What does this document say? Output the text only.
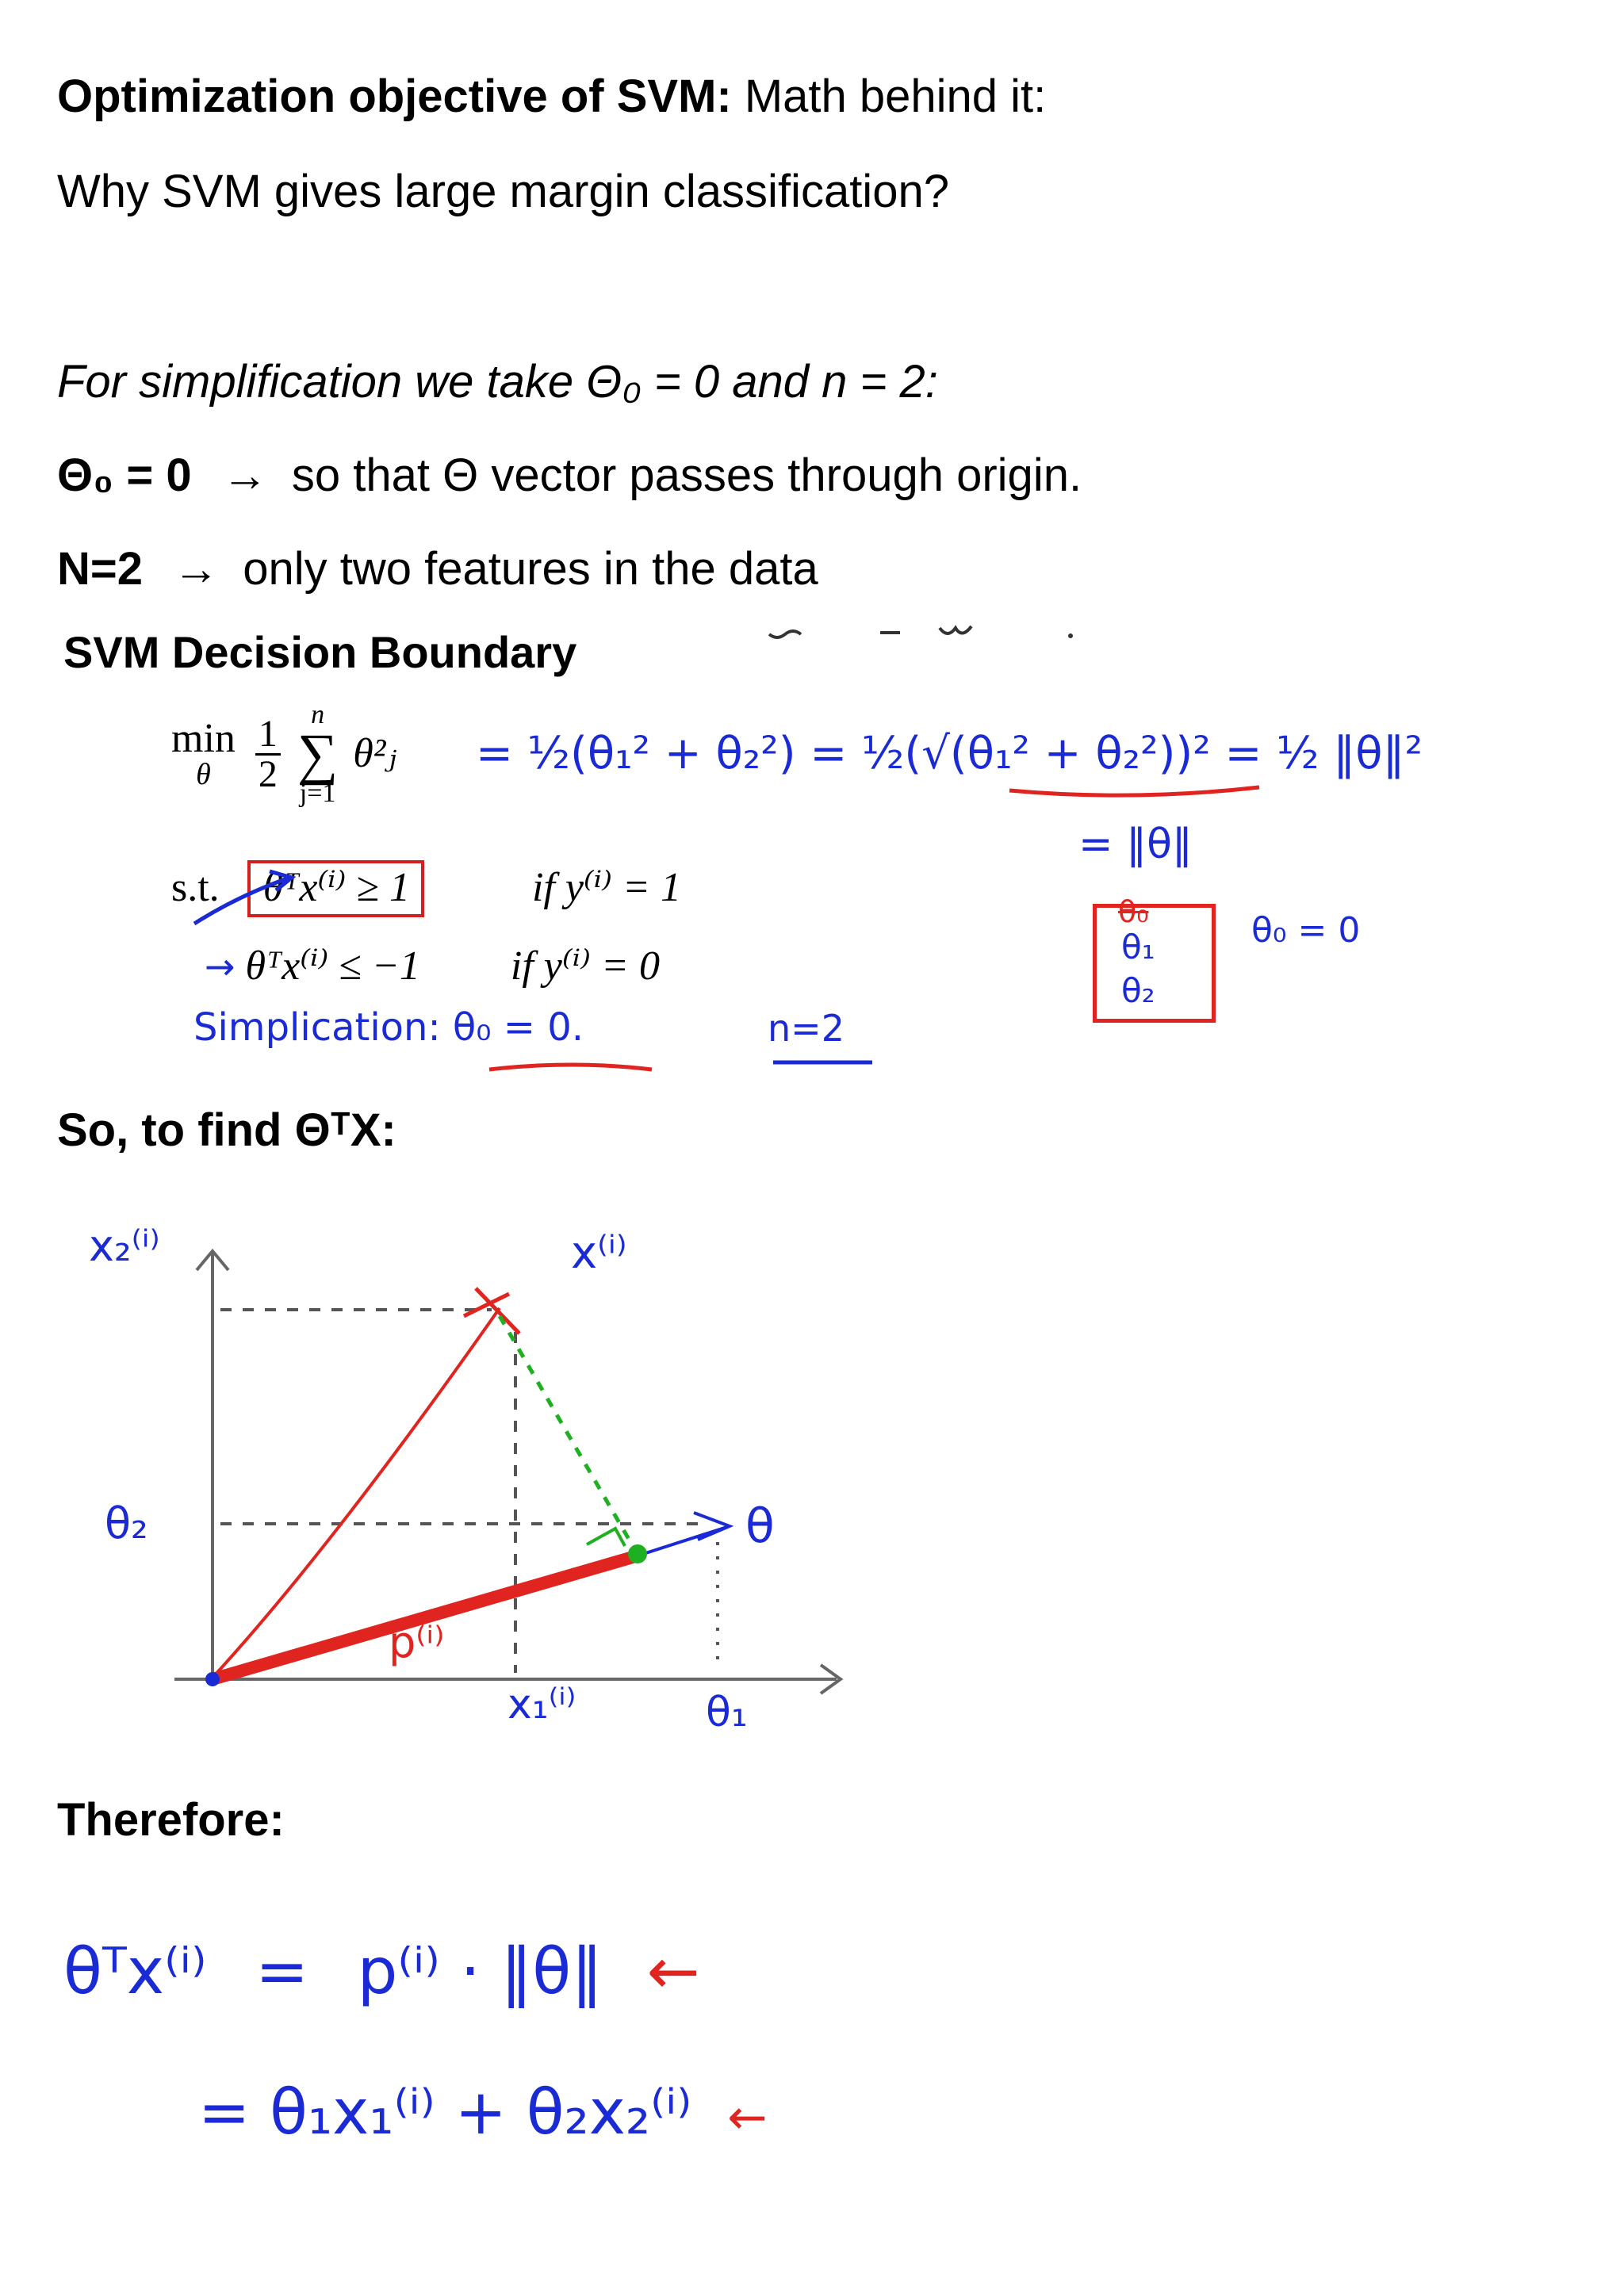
Optimization objective of SVM: Math behind it:
Why SVM gives large margin classification?
For simplification we take Θ₀ = 0 and n = 2:
Θ₀ = 0 → so that Θ vector passes through origin.
N=2 → only two features in the data
SVM Decision Boundary
min
θ
$\frac{1}{2}$

n
∑
j=1
θ²ⱼ = ½(θ₁² + θ₂²) = ½(√(θ₁² + θ₂²))² = ½ ‖θ‖²
= ‖θ‖
s.t. θᵀx⁽ⁱ⁾ ≥ 1	if y⁽ⁱ⁾ = 1
→ θᵀx⁽ⁱ⁾ ≤ −1 if y⁽ⁱ⁾ = 0
Simplication: θ₀ = 0.	n=2
θ₀
θ₁
θ₂
θ₀ = 0
So, to find ΘᵀX:
x₂⁽ⁱ⁾
θ₂
x⁽ⁱ⁾
θ
p⁽ⁱ⁾
x₁⁽ⁱ⁾	θ₁
Therefore:
θᵀx⁽ⁱ⁾ = p⁽ⁱ⁾ · ‖θ‖ ←
= θ₁x₁⁽ⁱ⁾ + θ₂x₂⁽ⁱ⁾ ←
